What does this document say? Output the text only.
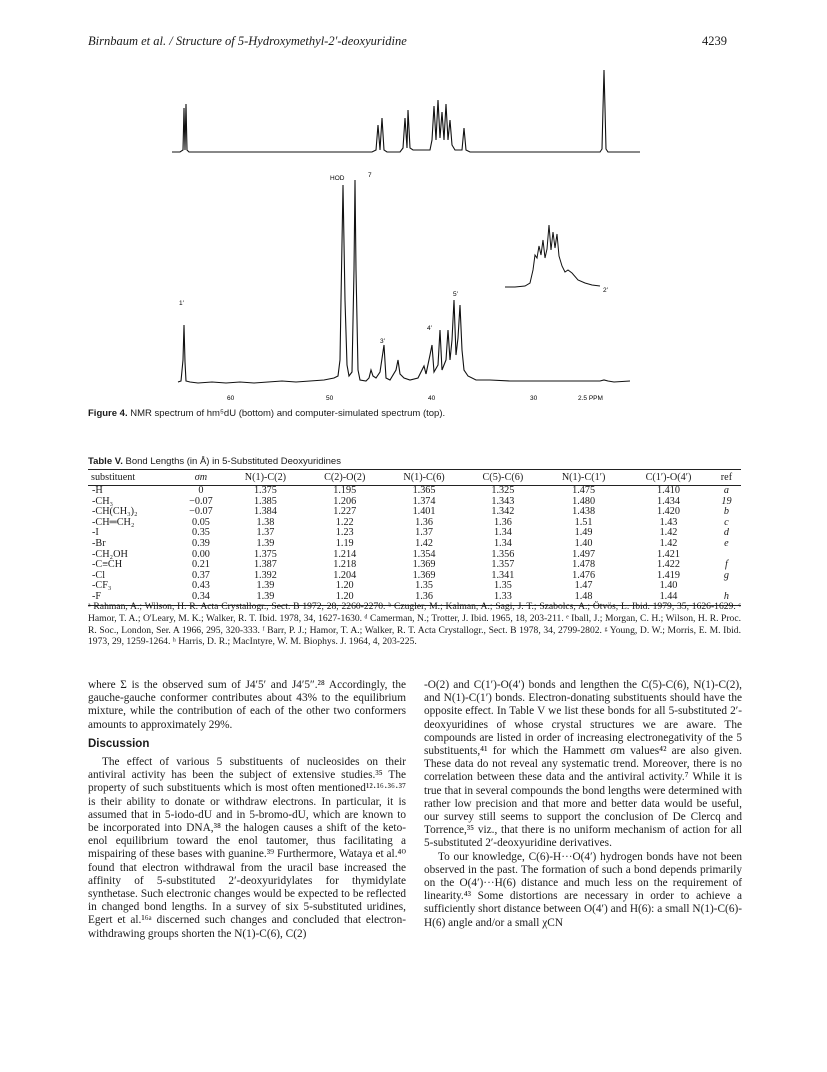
Birnbaum et al. / Structure of 5-Hydroxymethyl-2′-deoxyuridine	4239
HOD	7
1′
5′
4′
3′
2′
60	50	40	30	2.5 PPM
Figure 4. NMR spectrum of hm⁵dU (bottom) and computer-simulated spectrum (top).
Table V. Bond Lengths (in Å) in 5-Substituted Deoxyuridines
substituent	σm	N(1)-C(2)	C(2)-O(2)	N(1)-C(6)	C(5)-C(6)	N(1)-C(1′)	C(1′)-O(4′)	ref
-H	0	1.375	1.195	1.365	1.325	1.475	1.410	a
-CH₃	−0.07	1.385	1.206	1.374	1.343	1.480	1.434	19
-CH(CH₃)₂	−0.07	1.384	1.227	1.401	1.342	1.438	1.420	b
-CH═CH₂	0.05	1.38	1.22	1.36	1.36	1.51	1.43	c
-I	0.35	1.37	1.23	1.37	1.34	1.49	1.42	d
-Br	0.39	1.39	1.19	1.42	1.34	1.40	1.42	e
-CH₂OH	0.00	1.375	1.214	1.354	1.356	1.497	1.421	
-C≡CH	0.21	1.387	1.218	1.369	1.357	1.478	1.422	f
-Cl	0.37	1.392	1.204	1.369	1.341	1.476	1.419	g
-CF₃	0.43	1.39	1.20	1.35	1.35	1.47	1.40	
-F	0.34	1.39	1.20	1.36	1.33	1.48	1.44	h
ᵃ Rahman, A.; Wilson, H. R. Acta Crystallogr., Sect. B 1972, 28, 2260-2270. ᵇ Czugler, M.; Kalman, A.; Sagi, J. T.; Szabolcs, A.; Ötvös, L. Ibid. 1979, 35, 1626-1629. ᶜ Hamor, T. A.; O'Leary, M. K.; Walker, R. T. Ibid. 1978, 34, 1627-1630. ᵈ Camerman, N.; Trotter, J. Ibid. 1965, 18, 203-211. ᵉ Iball, J.; Morgan, C. H.; Wilson, H. R. Proc. R. Soc., London, Ser. A 1966, 295, 320-333. ᶠ Barr, P. J.; Hamor, T. A.; Walker, R. T. Acta Crystallogr., Sect. B 1978, 34, 2799-2802. ᵍ Young, D. W.; Morris, E. M. Ibid. 1973, 29, 1259-1264. ʰ Harris, D. R.; MacIntyre, W. M. Biophys. J. 1964, 4, 203-225.

where Σ is the observed sum of J4′5′ and J4′5″.²⁸ Accordingly, the gauche-gauche conformer contributes about 43% to the equilibrium mixture, while the contribution of each of the other two conformers amounts to approximately 29%.

Discussion

The effect of various 5 substituents of nucleosides on their antiviral activity has been the subject of extensive studies.³⁵ The property of such substituents which is most often mentioned¹²·¹⁶·³⁶·³⁷ is their ability to donate or withdraw electrons. In particular, it is assumed that in 5-iodo-dU and in 5-bromo-dU, which are known to be incorporated into DNA,³⁸ the halogen causes a shift of the keto-enol equilibrium toward the enol tautomer, thus facilitating a mispairing of these bases with guanine.³⁹ Furthermore, Wataya et al.⁴⁰ found that electron withdrawal from the uracil base increased the affinity of 5-substituted 2′-deoxyuridylates for thymidylate synthetase. Such electronic changes would be expected to be reflected in changed bond lengths. In a survey of six 5-substituted uridines, Egert et al.¹⁶ᵃ discerned such changes and concluded that electron-withdrawing groups shorten the N(1)-C(6), C(2)

-O(2) and C(1′)-O(4′) bonds and lengthen the C(5)-C(6), N(1)-C(2), and N(1)-C(1′) bonds. Electron-donating substituents should have the opposite effect. In Table V we list these bonds for all 5-substituted 2′-deoxyuridines of whose crystal structures we are aware. The compounds are listed in order of increasing electronegativity of the 5 substituents,⁴¹ for which the Hammett σm values⁴² are also given. These data do not reveal any systematic trend. Moreover, there is no correlation between these data and the antiviral activity.⁷ While it is true that in several compounds the bond lengths were determined with rather low precision and that more and better data would be useful, our survey still seems to support the conclusion of De Clercq and Torrence,³⁵ viz., that there is no uniform mechanism of action for all 5-substituted 2′-deoxyuridine derivatives.

To our knowledge, C(6)-H···O(4′) hydrogen bonds have not been observed in the past. The formation of such a bond depends primarily on the O(4′)···H(6) distance and much less on the requirement of linearity.⁴³ Some distortions are necessary in order to achieve a sufficiently short distance between O(4′) and H(6): a small N(1)-C(6)-H(6) angle and/or a small χCN
